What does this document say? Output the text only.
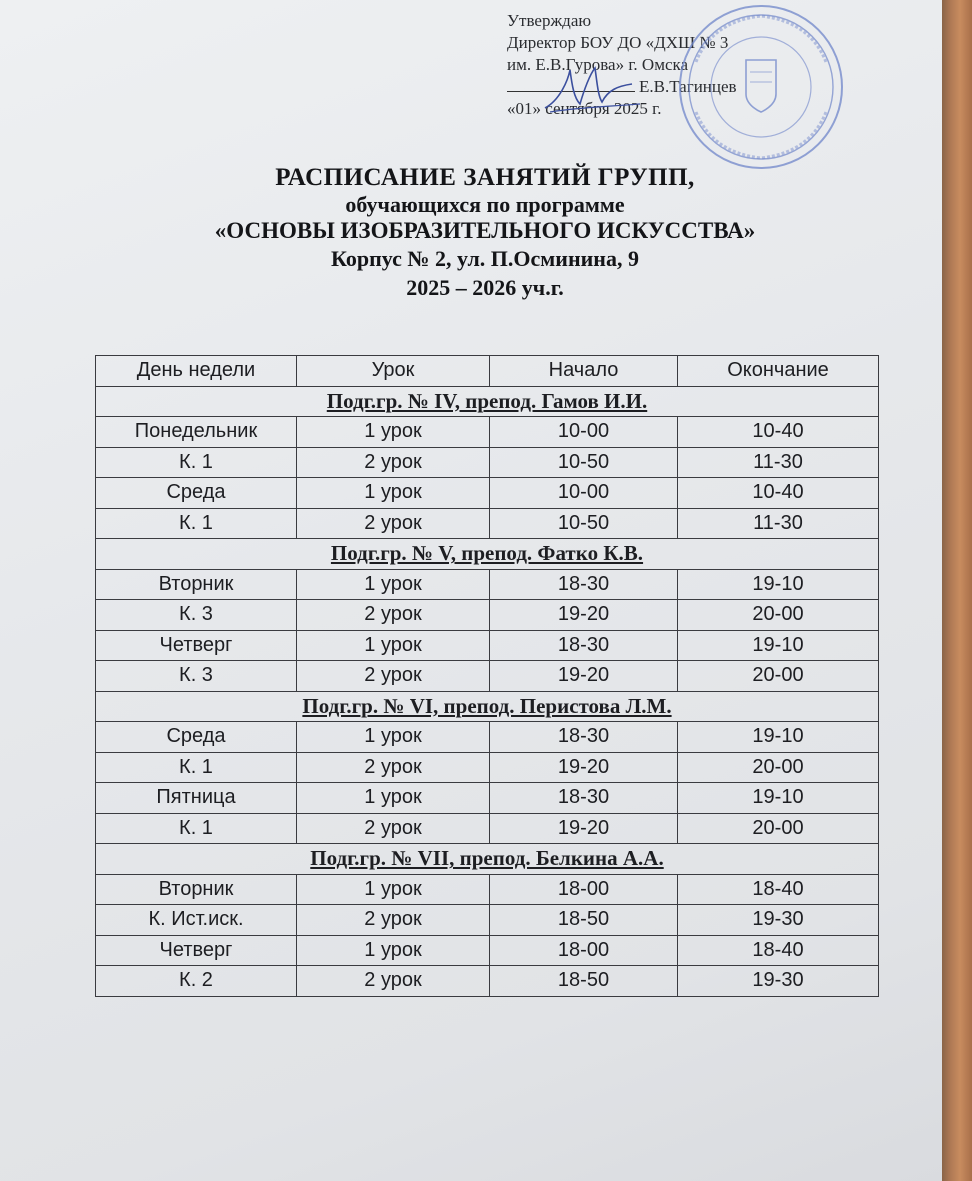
Утверждаю
Директор БОУ ДО «ДХШ № 3
им. Е.В.Гурова» г. Омска
Е.В.Тагинцев
«01» сентября 2025 г.
РАСПИСАНИЕ ЗАНЯТИЙ ГРУПП,
обучающихся по программе
«ОСНОВЫ ИЗОБРАЗИТЕЛЬНОГО ИСКУССТВА»
Корпус № 2, ул. П.Осминина, 9
2025 – 2026 уч.г.
День недели	Урок	Начало	Окончание
Подг.гр. № IV, препод. Гамов И.И.			
Понедельник	1 урок	10-00	10-40
К. 1	2 урок	10-50	11-30
Среда	1 урок	10-00	10-40
К. 1	2 урок	10-50	11-30
Подг.гр. № V, препод. Фатко К.В.			
Вторник	1 урок	18-30	19-10
К. 3	2 урок	19-20	20-00
Четверг	1 урок	18-30	19-10
К. 3	2 урок	19-20	20-00
Подг.гр. № VI, препод. Перистова Л.М.			
Среда	1 урок	18-30	19-10
К. 1	2 урок	19-20	20-00
Пятница	1 урок	18-30	19-10
К. 1	2 урок	19-20	20-00
Подг.гр. № VII, препод. Белкина А.А.			
Вторник	1 урок	18-00	18-40
К. Ист.иск.	2 урок	18-50	19-30
Четверг	1 урок	18-00	18-40
К. 2	2 урок	18-50	19-30
